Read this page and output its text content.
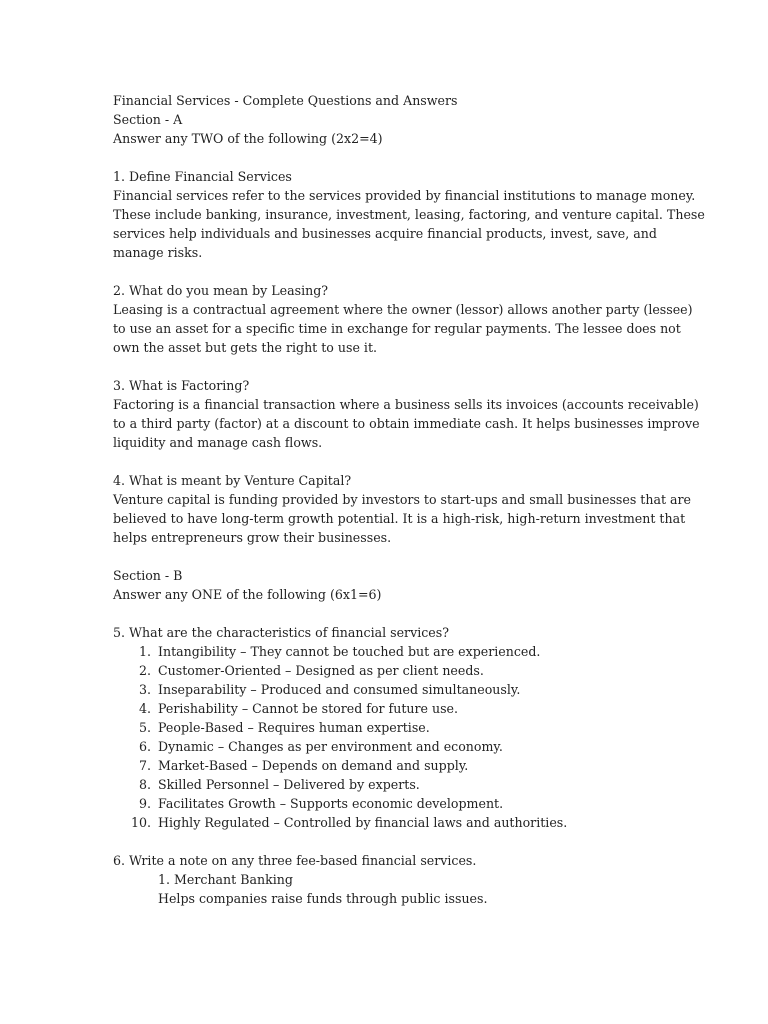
Financial Services - Complete Questions and Answers
Section - A
Answer any TWO of the following (2x2=4)
1. Define Financial Services
Financial services refer to the services provided by financial institutions to manage money.
These include banking, insurance, investment, leasing, factoring, and venture capital. These
services help individuals and businesses acquire financial products, invest, save, and
manage risks.
2. What do you mean by Leasing?
Leasing is a contractual agreement where the owner (lessor) allows another party (lessee)
to use an asset for a specific time in exchange for regular payments. The lessee does not
own the asset but gets the right to use it.
3. What is Factoring?
Factoring is a financial transaction where a business sells its invoices (accounts receivable)
to a third party (factor) at a discount to obtain immediate cash. It helps businesses improve
liquidity and manage cash flows.
4. What is meant by Venture Capital?
Venture capital is funding provided by investors to start-ups and small businesses that are
believed to have long-term growth potential. It is a high-risk, high-return investment that
helps entrepreneurs grow their businesses.
Section - B
Answer any ONE of the following (6x1=6)
5. What are the characteristics of financial services?
1. Intangibility – They cannot be touched but are experienced.
2. Customer-Oriented – Designed as per client needs.
3. Inseparability – Produced and consumed simultaneously.
4. Perishability – Cannot be stored for future use.
5. People-Based – Requires human expertise.
6. Dynamic – Changes as per environment and economy.
7. Market-Based – Depends on demand and supply.
8. Skilled Personnel – Delivered by experts.
9. Facilitates Growth – Supports economic development.
10. Highly Regulated – Controlled by financial laws and authorities.
6. Write a note on any three fee-based financial services.
1. Merchant Banking
Helps companies raise funds through public issues.
